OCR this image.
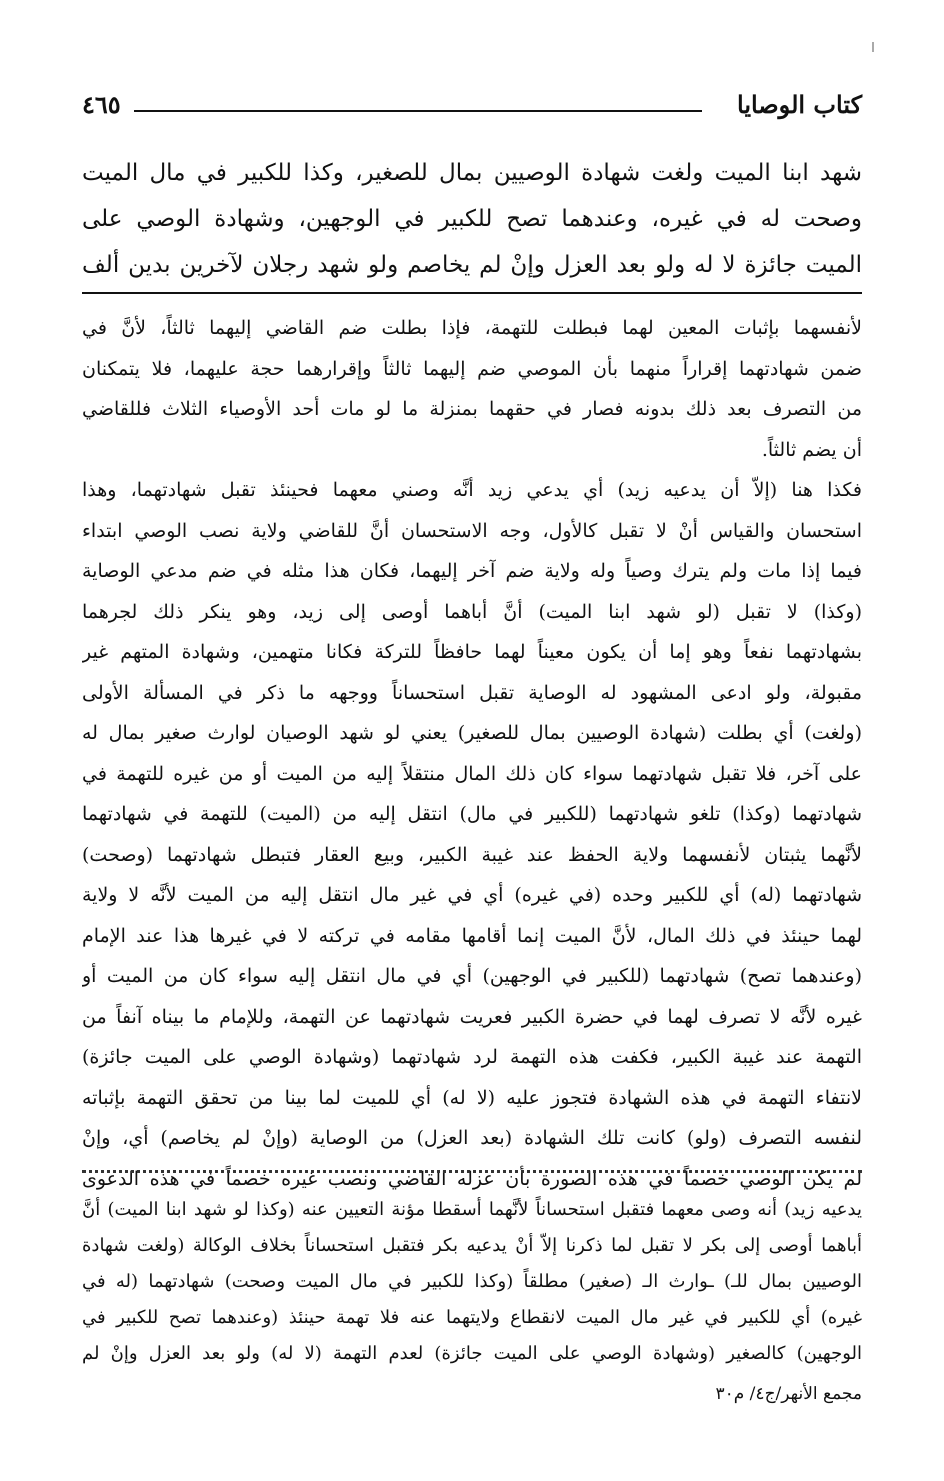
كتاب الوصايا
٤٦٥
شهد ابنا الميت ولغت شهادة الوصيين بمال للصغير، وكذا للكبير في مال الميت
وصحت له في غيره، وعندهما تصح للكبير في الوجهين، وشهادة الوصي على
الميت جائزة لا له ولو بعد العزل وإنْ لم يخاصم ولو شهد رجلان لآخرين بدين ألف
لأنفسهما بإثبات المعين لهما فبطلت للتهمة، فإذا بطلت ضم القاضي إليهما ثالثاً، لأنَّ في
ضمن شهادتهما إقراراً منهما بأن الموصي ضم إليهما ثالثاً وإقرارهما حجة عليهما، فلا يتمكنان
من التصرف بعد ذلك بدونه فصار في حقهما بمنزلة ما لو مات أحد الأوصياء الثلاث فللقاضي
أن يضم ثالثاً.
فكذا هنا (إلاّ أن يدعيه زيد) أي يدعي زيد أنَّه وصني معهما فحينئذ تقبل شهادتهما، وهذا
استحسان والقياس أنْ لا تقبل كالأول، وجه الاستحسان أنَّ للقاضي ولاية نصب الوصي ابتداء
فيما إذا مات ولم يترك وصياً وله ولاية ضم آخر إليهما، فكان هذا مثله في ضم مدعي الوصاية
(وكذا) لا تقبل (لو شهد ابنا الميت) أنَّ أباهما أوصى إلى زيد، وهو ينكر ذلك لجرهما
بشهادتهما نفعاً وهو إما أن يكون معيناً لهما حافظاً للتركة فكانا متهمين، وشهادة المتهم غير
مقبولة، ولو ادعى المشهود له الوصاية تقبل استحساناً ووجهه ما ذكر في المسألة الأولى
(ولغت) أي بطلت (شهادة الوصيين بمال للصغير) يعني لو شهد الوصيان لوارث صغير بمال له
على آخر، فلا تقبل شهادتهما سواء كان ذلك المال منتقلاً إليه من الميت أو من غيره للتهمة في
شهادتهما (وكذا) تلغو شهادتهما (للكبير في مال) انتقل إليه من (الميت) للتهمة في شهادتهما
لأنَّهما يثبتان لأنفسهما ولاية الحفظ عند غيبة الكبير، وبيع العقار فتبطل شهادتهما (وصحت)
شهادتهما (له) أي للكبير وحده (في غيره) أي في غير مال انتقل إليه من الميت لأنَّه لا ولاية
لهما حينئذ في ذلك المال، لأنَّ الميت إنما أقامها مقامه في تركته لا في غيرها هذا عند الإمام
(وعندهما تصح) شهادتهما (للكبير في الوجهين) أي في مال انتقل إليه سواء كان من الميت أو
غيره لأنَّه لا تصرف لهما في حضرة الكبير فعريت شهادتهما عن التهمة، وللإمام ما بيناه آنفاً من
التهمة عند غيبة الكبير، فكفت هذه التهمة لرد شهادتهما (وشهادة الوصي على الميت جائزة)
لانتفاء التهمة في هذه الشهادة فتجوز عليه (لا له) أي للميت لما بينا من تحقق التهمة بإثباته
لنفسه التصرف (ولو) كانت تلك الشهادة (بعد العزل) من الوصاية (وإنْ لم يخاصم) أي، وإنْ
لم يكن الوصي خصماً في هذه الصورة بأن عزله القاضي ونصب غيره خصماً في هذه الدعوى
يدعيه زيد) أنه وصى معهما فتقبل استحساناً لأنَّهما أسقطا مؤنة التعيين عنه (وكذا لو شهد ابنا الميت) أنَّ
أباهما أوصى إلى بكر لا تقبل لما ذكرنا إلاّ أنْ يدعيه بكر فتقبل استحساناً بخلاف الوكالة (ولغت شهادة
الوصيين بمال للـ) ـوارث الـ (صغير) مطلقاً (وكذا للكبير في مال الميت وصحت) شهادتهما (له في
غيره) أي للكبير في غير مال الميت لانقطاع ولايتهما عنه فلا تهمة حينئذ (وعندهما تصح للكبير في
الوجهين) كالصغير (وشهادة الوصي على الميت جائزة) لعدم التهمة (لا له) ولو بعد العزل وإنْ لم
مجمع الأنهر/ج٤/ م٣٠
